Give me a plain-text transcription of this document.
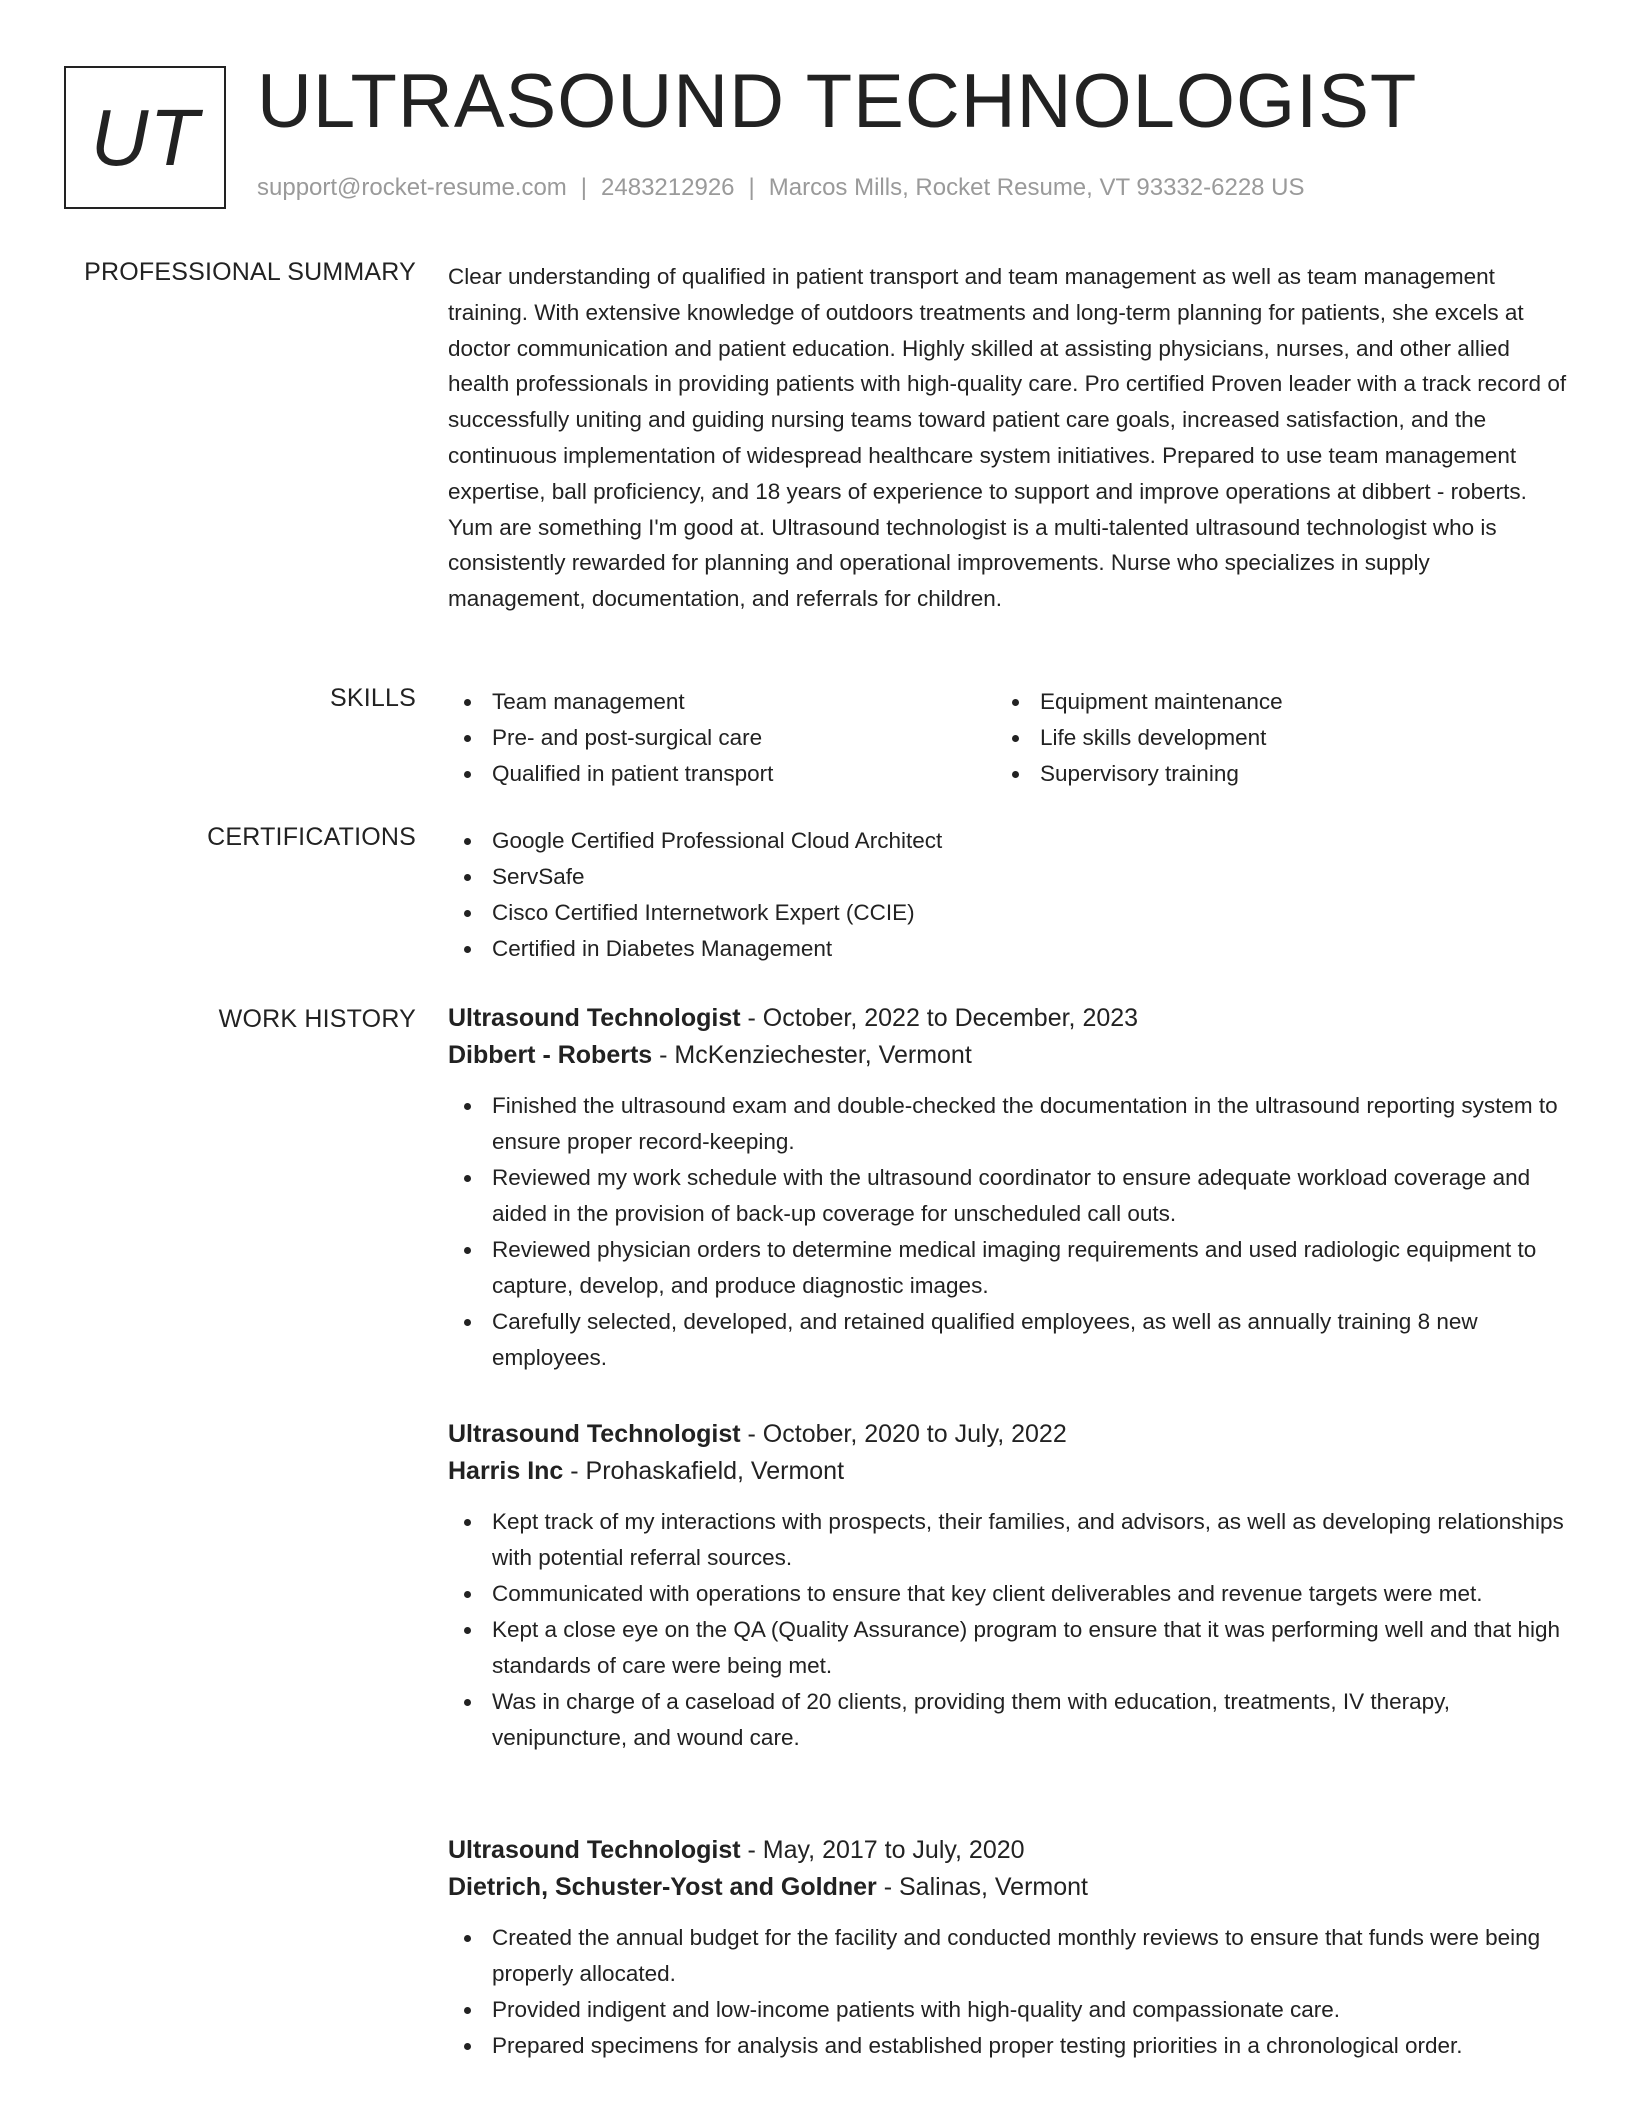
UT ULTRASOUND TECHNOLOGIST
support@rocket-resume.com | 2483212926 | Marcos Mills, Rocket Resume, VT 93332-6228 US
PROFESSIONAL SUMMARY Clear understanding of qualified in patient transport and team management as well as team management training. With extensive knowledge of outdoors treatments and long-term planning for patients, she excels at doctor communication and patient education. Highly skilled at assisting physicians, nurses, and other allied health professionals in providing patients with high-quality care. Pro certified Proven leader with a track record of successfully uniting and guiding nursing teams toward patient care goals, increased satisfaction, and the continuous implementation of widespread healthcare system initiatives. Prepared to use team management expertise, ball proficiency, and 18 years of experience to support and improve operations at dibbert - roberts. Yum are something I'm good at. Ultrasound technologist is a multi-talented ultrasound technologist who is consistently rewarded for planning and operational improvements. Nurse who specializes in supply management, documentation, and referrals for children.

SKILLS	Team management
Pre- and post-surgical care
Qualified in patient transport
Equipment maintenance
Life skills development
Supervisory training
CERTIFICATIONS	Google Certified Professional Cloud Architect
ServSafe
Cisco Certified Internetwork Expert (CCIE)
Certified in Diabetes Management
WORK HISTORY Ultrasound Technologist - October, 2022 to December, 2023
Dibbert - Roberts - McKenziechester, Vermont
Finished the ultrasound exam and double-checked the documentation in the ultrasound reporting system to ensure proper record-keeping.
Reviewed my work schedule with the ultrasound coordinator to ensure adequate workload coverage and aided in the provision of back-up coverage for unscheduled call outs.
Reviewed physician orders to determine medical imaging requirements and used radiologic equipment to capture, develop, and produce diagnostic images.
Carefully selected, developed, and retained qualified employees, as well as annually training 8 new employees.
Ultrasound Technologist - October, 2020 to July, 2022
Harris Inc - Prohaskafield, Vermont
Kept track of my interactions with prospects, their families, and advisors, as well as developing relationships with potential referral sources.
Communicated with operations to ensure that key client deliverables and revenue targets were met.
Kept a close eye on the QA (Quality Assurance) program to ensure that it was performing well and that high standards of care were being met.
Was in charge of a caseload of 20 clients, providing them with education, treatments, IV therapy, venipuncture, and wound care.
Ultrasound Technologist - May, 2017 to July, 2020
Dietrich, Schuster-Yost and Goldner - Salinas, Vermont
Created the annual budget for the facility and conducted monthly reviews to ensure that funds were being properly allocated.
Provided indigent and low-income patients with high-quality and compassionate care.
Prepared specimens for analysis and established proper testing priorities in a chronological order.
